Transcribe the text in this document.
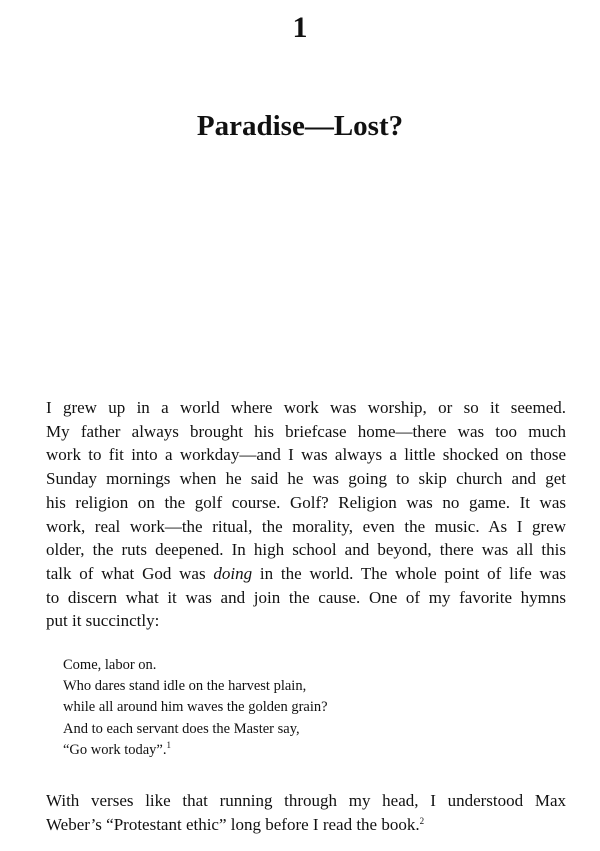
1
Paradise—Lost?

I grew up in a world where work was worship, or so it seemed.
My father always brought his briefcase home—there was too much
work to fit into a workday—and I was always a little shocked on those
Sunday mornings when he said he was going to skip church and get
his religion on the golf course. Golf? Religion was no game. It was
work, real work—the ritual, the morality, even the music. As I grew
older, the ruts deepened. In high school and beyond, there was all this
talk of what God was doing in the world. The whole point of life was
to discern what it was and join the cause. One of my favorite hymns
put it succinctly:

Come, labor on.
Who dares stand idle on the harvest plain,
while all around him waves the golden grain?
And to each servant does the Master say,
“Go work today”.$^1$

With verses like that running through my head, I understood Max
Weber’s “Protestant ethic” long before I read the book.$^2$
